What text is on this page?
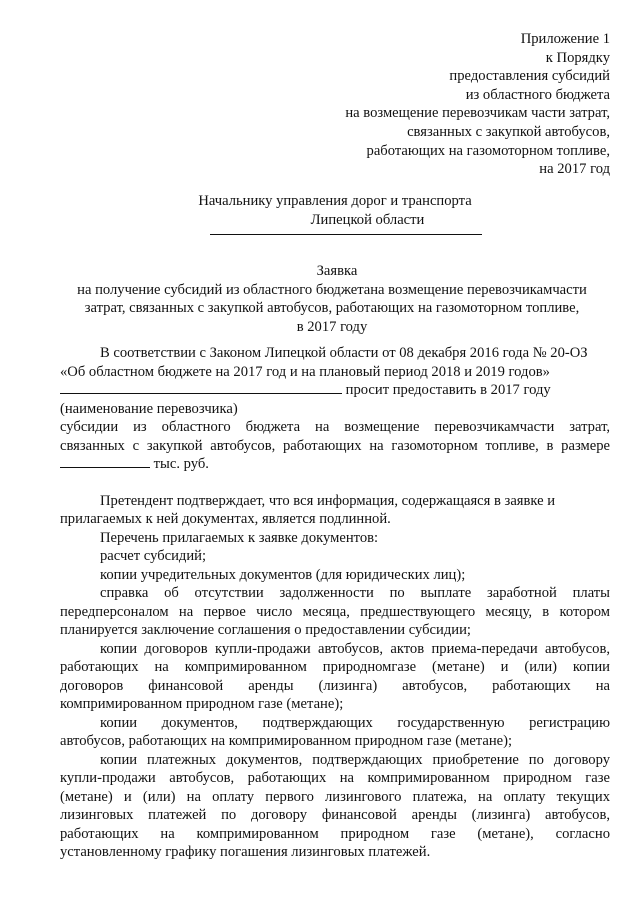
Приложение 1
к Порядку
предоставления субсидий
из областного бюджета
на возмещение перевозчикам части затрат,
связанных с закупкой автобусов,
работающих на газомоторном топливе,
на 2017 год
Начальнику управления дорог и транспорта
Липецкой области
Заявка
на получение субсидий из областного бюджетана возмещение перевозчикамчасти
затрат, связанных с закупкой автобусов, работающих на газомоторном топливе,
в 2017 году
В соответствии с Законом Липецкой области от 08 декабря 2016 года № 20-ОЗ
«Об областном бюджете на 2017 год и на плановый период 2018 и 2019 годов»
просит предоставить в 2017 году
(наименование перевозчика)
субсидии из областного бюджета на возмещение перевозчикамчасти затрат,
связанных с закупкой автобусов, работающих на газомоторном топливе, в размере
тыс. руб.
Претендент подтверждает, что вся информация, содержащаяся в заявке и
прилагаемых к ней документах, является подлинной.
Перечень прилагаемых к заявке документов:
расчет субсидий;
копии учредительных документов (для юридических лиц);
справка об отсутствии задолженности по выплате заработной платы
передперсоналом на первое число месяца, предшествующего месяцу, в котором
планируется заключение соглашения о предоставлении субсидии;
копии договоров купли-продажи автобусов, актов приема-передачи автобусов,
работающих на компримированном природномгазе (метане) и (или) копии
договоров финансовой аренды (лизинга) автобусов, работающих на
компримированном природном газе (метане);
копии документов, подтверждающих государственную регистрацию
автобусов, работающих на компримированном природном газе (метане);
копии платежных документов, подтверждающих приобретение по договору
купли-продажи автобусов, работающих на компримированном природном газе
(метане) и (или) на оплату первого лизингового платежа, на оплату текущих
лизинговых платежей по договору финансовой аренды (лизинга) автобусов,
работающих на компримированном природном газе (метане), согласно
установленному графику погашения лизинговых платежей.
